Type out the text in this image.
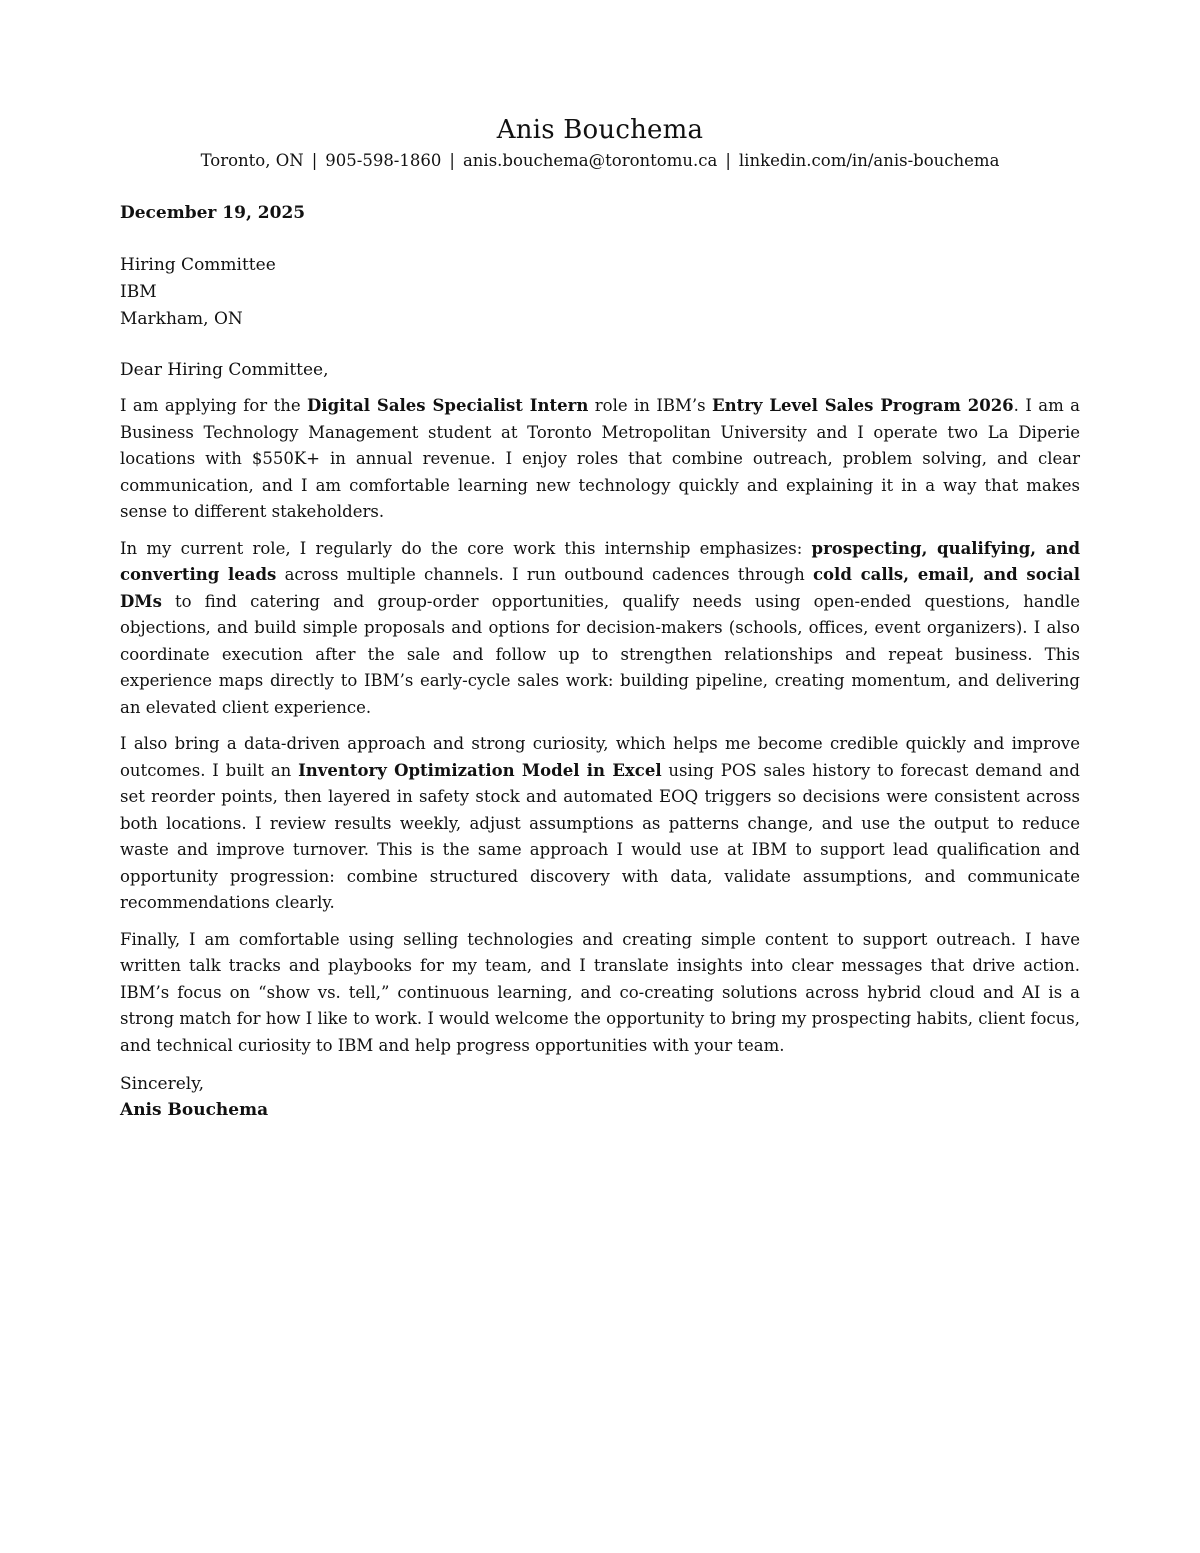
Anis Bouchema
Toronto, ON | 905-598-1860 | anis.bouchema@torontomu.ca | linkedin.com/in/anis-bouchema
December 19, 2025
Hiring Committee
IBM
Markham, ON
Dear Hiring Committee,

I am applying for the Digital Sales Specialist Intern role in IBM’s Entry Level Sales Program 2026. I am a Business Technology Management student at Toronto Metropolitan University and I operate two La Diperie locations with $550K+ in annual revenue. I enjoy roles that combine outreach, problem solving, and clear communication, and I am comfortable learning new technology quickly and explaining it in a way that makes sense to different stakeholders.

In my current role, I regularly do the core work this internship emphasizes: prospecting, qualifying, and converting leads across multiple channels. I run outbound cadences through cold calls, email, and social DMs to find catering and group-order opportunities, qualify needs using open-ended questions, handle objections, and build simple proposals and options for decision-makers (schools, offices, event organizers). I also coordinate execution after the sale and follow up to strengthen relationships and repeat business. This experience maps directly to IBM’s early-cycle sales work: building pipeline, creating momentum, and delivering an elevated client experience.

I also bring a data-driven approach and strong curiosity, which helps me become credible quickly and improve outcomes. I built an Inventory Optimization Model in Excel using POS sales history to forecast demand and set reorder points, then layered in safety stock and automated EOQ triggers so decisions were consistent across both locations. I review results weekly, adjust assumptions as patterns change, and use the output to reduce waste and improve turnover. This is the same approach I would use at IBM to support lead qualification and opportunity progression: combine structured discovery with data, validate assumptions, and communicate recommendations clearly.

Finally, I am comfortable using selling technologies and creating simple content to support outreach. I have written talk tracks and playbooks for my team, and I translate insights into clear messages that drive action. IBM’s focus on “show vs. tell,” continuous learning, and co-creating solutions across hybrid cloud and AI is a strong match for how I like to work. I would welcome the opportunity to bring my prospecting habits, client focus, and technical curiosity to IBM and help progress opportunities with your team.

Sincerely,
Anis Bouchema
